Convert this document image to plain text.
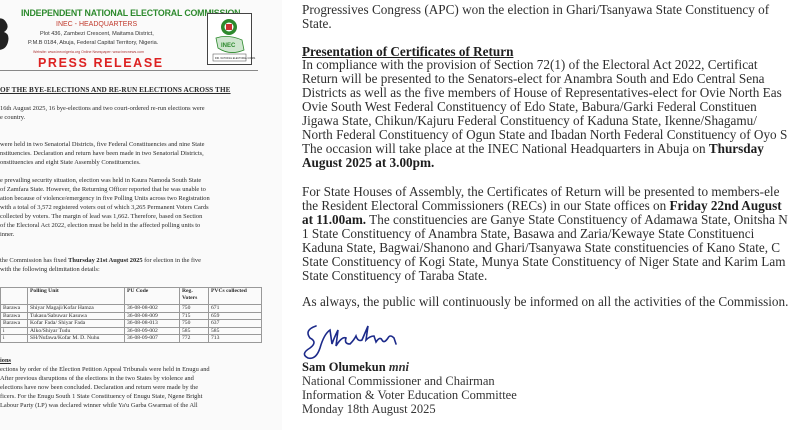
INDEPENDENT NATIONAL ELECTORAL COMMISSION
INEC - HEADQUARTERS
Plot 436, Zambezi Crescent, Maitama District,
P.M.B 0184, Abuja, Federal Capital Territory, Nigeria.
Website: www.inecnigeria.org Online Newspaper: www.inecnews.com
PRESS RELEASE
INEC
IND. NATIONAL ELECTORAL COMM.
OF THE BYE-ELECTIONS AND RE-RUN ELECTIONS ACROSS THE
16th August 2025, 16 bye-elections and two court-ordered re-run elections were
e country.
were held in two Senatorial Districts, five Federal Constituencies and nine State
nstituencies. Declaration and return have been made in two Senatorial Districts,
onstituencies and eight State Assembly Constituencies.
e prevailing security situation, election was held in Kaura Namoda South State
of Zamfara State. However, the Returning Officer reported that he was unable to
ation because of violence/emergency in five Polling Units across two Registration
with a total of 3,572 registered voters out of which 3,265 Permanent Voters Cards
collected by voters. The margin of lead was 1,662. Therefore, based on Section
of the Electoral Act 2022, election must be held in the affected polling units to
inner.
the Commission has fixed Thursday 21st August 2025 for election in the five
with the following delimitation details:
	Polling Unit	PU Code	Reg. Voters	PVCs collected
Barawa	Shiyar Magaji/Kofar Hamza	36-08-08-002	750	671
Barawa	Tukasu/Sabuwar Kasuwa	36-08-08-009	715	659
Barawa	Kofar Fada/ Shiyar Fada	36-08-08-013	750	637
i	Alko/Shiyar Tudu	36-08-09-002	585	585
i	SH/Nufawa/Kofar M. D. Nuhu	36-08-09-007	772	713
ions
ections by order of the Election Petition Appeal Tribunals were held in Enugu and
After previous disruptions of the elections in the two States by violence and
elections have now been concluded. Declaration and return were made by the
ficers. For the Enugu South 1 State Constituency of Enugu State, Ngene Bright
Labour Party (LP) was declared winner while Ya'u Garba Gwarmai of the All
Progressives Congress (APC) won the election in Ghari/Tsanyawa State Constituency of
State.
Presentation of Certificates of Return
In compliance with the provision of Section 72(1) of the Electoral Act 2022, Certificat
Return will be presented to the Senators-elect for Anambra South and Edo Central Sena
Districts as well as the five members of House of Representatives-elect for Ovie North Eas
Ovie South West Federal Constituency of Edo State, Babura/Garki Federal Constituen
Jigawa State, Chikun/Kajuru Federal Constituency of Kaduna State, Ikenne/Shagamu/
North Federal Constituency of Ogun State and Ibadan North Federal Constituency of Oyo S
The occasion will take place at the INEC National Headquarters in Abuja on Thursday
August 2025 at 3.00pm.
For State Houses of Assembly, the Certificates of Return will be presented to members-ele
the Resident Electoral Commissioners (RECs) in our State offices on Friday 22nd August
at 11.00am. The constituencies are Ganye State Constituency of Adamawa State, Onitsha N
1 State Constituency of Anambra State, Basawa and Zaria/Kewaye State Constituenci
Kaduna State, Bagwai/Shanono and Ghari/Tsanyawa State constituencies of Kano State, C
State Constituency of Kogi State, Munya State Constituency of Niger State and Karim Lam
State Constituency of Taraba State.
As always, the public will continuously be informed on all the activities of the Commission.
Sam Olumekun mni
National Commissioner and Chairman
Information & Voter Education Committee
Monday 18th August 2025
